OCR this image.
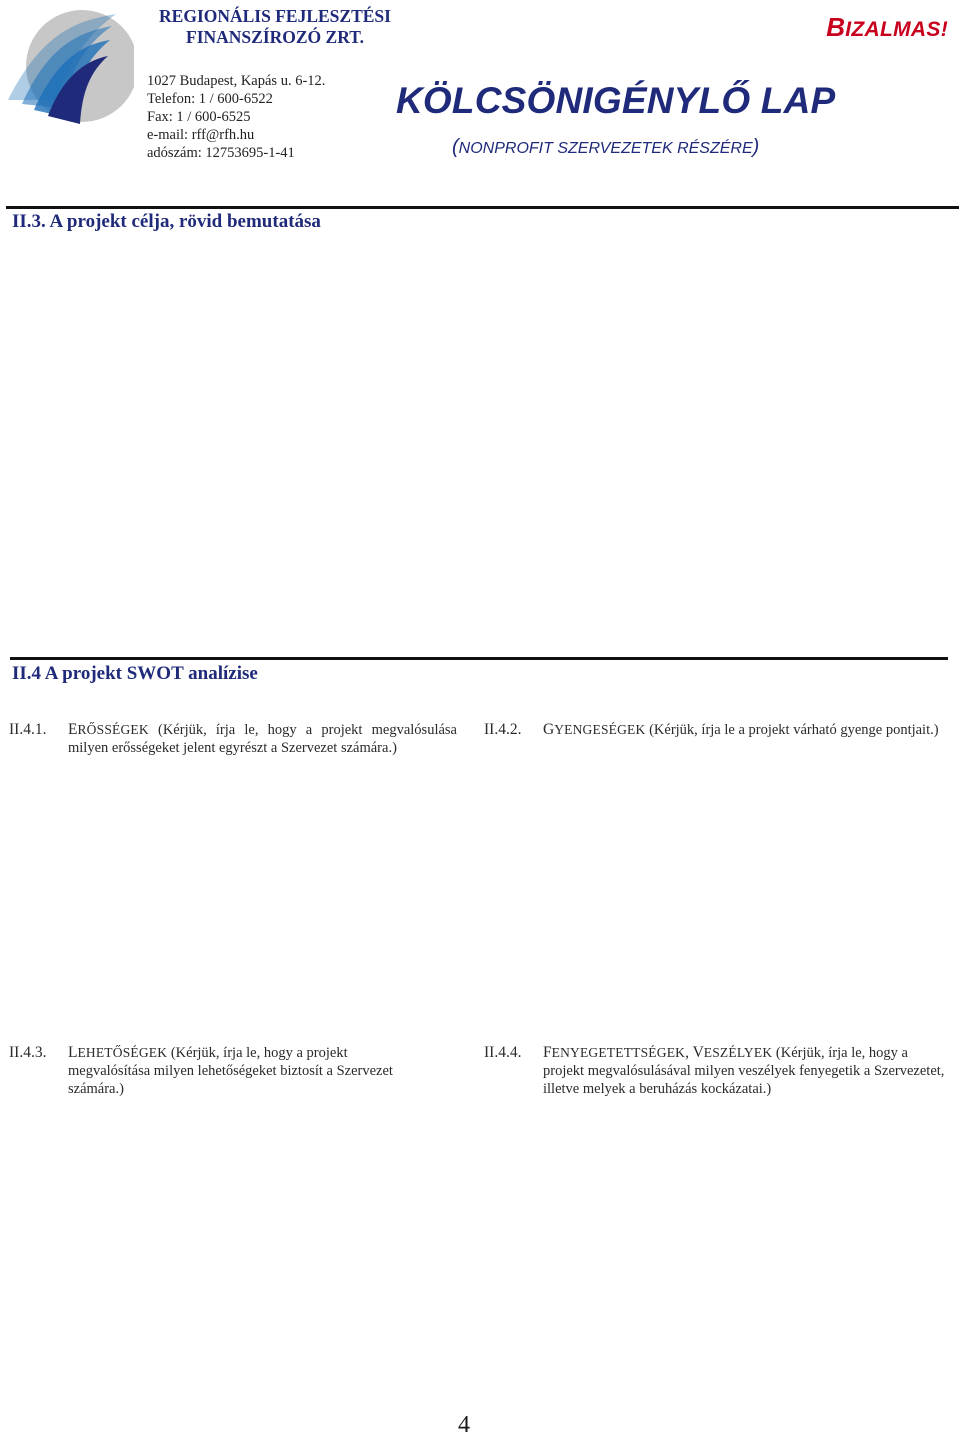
REGIONÁLIS FEJLESZTÉSI
FINANSZÍROZÓ ZRT.
1027 Budapest, Kapás u. 6-12.
Telefon: 1 / 600-6522
Fax: 1 / 600-6525
e-mail: rff@rfh.hu
adószám: 12753695-1-41
BIZALMAS!
KÖLCSÖNIGÉNYLŐ LAP
(NONPROFIT SZERVEZETEK RÉSZÉRE)
II.3. A projekt célja, rövid bemutatása
II.4 A projekt SWOT analízise
II.4.1. ERŐSSÉGEK (Kérjük, írja le, hogy a projekt megvalósulása milyen erősségeket jelent egyrészt a Szervezet számára.)
II.4.2. GYENGESÉGEK (Kérjük, írja le a projekt várható gyenge pontjait.)
II.4.3. LEHETŐSÉGEK (Kérjük, írja le, hogy a projekt megvalósítása milyen lehetőségeket biztosít a Szervezet számára.)
II.4.4. FENYEGETETTSÉGEK, VESZÉLYEK (Kérjük, írja le, hogy a projekt megvalósulásával milyen veszélyek fenyegetik a Szervezetet, illetve melyek a beruházás kockázatai.)
4
